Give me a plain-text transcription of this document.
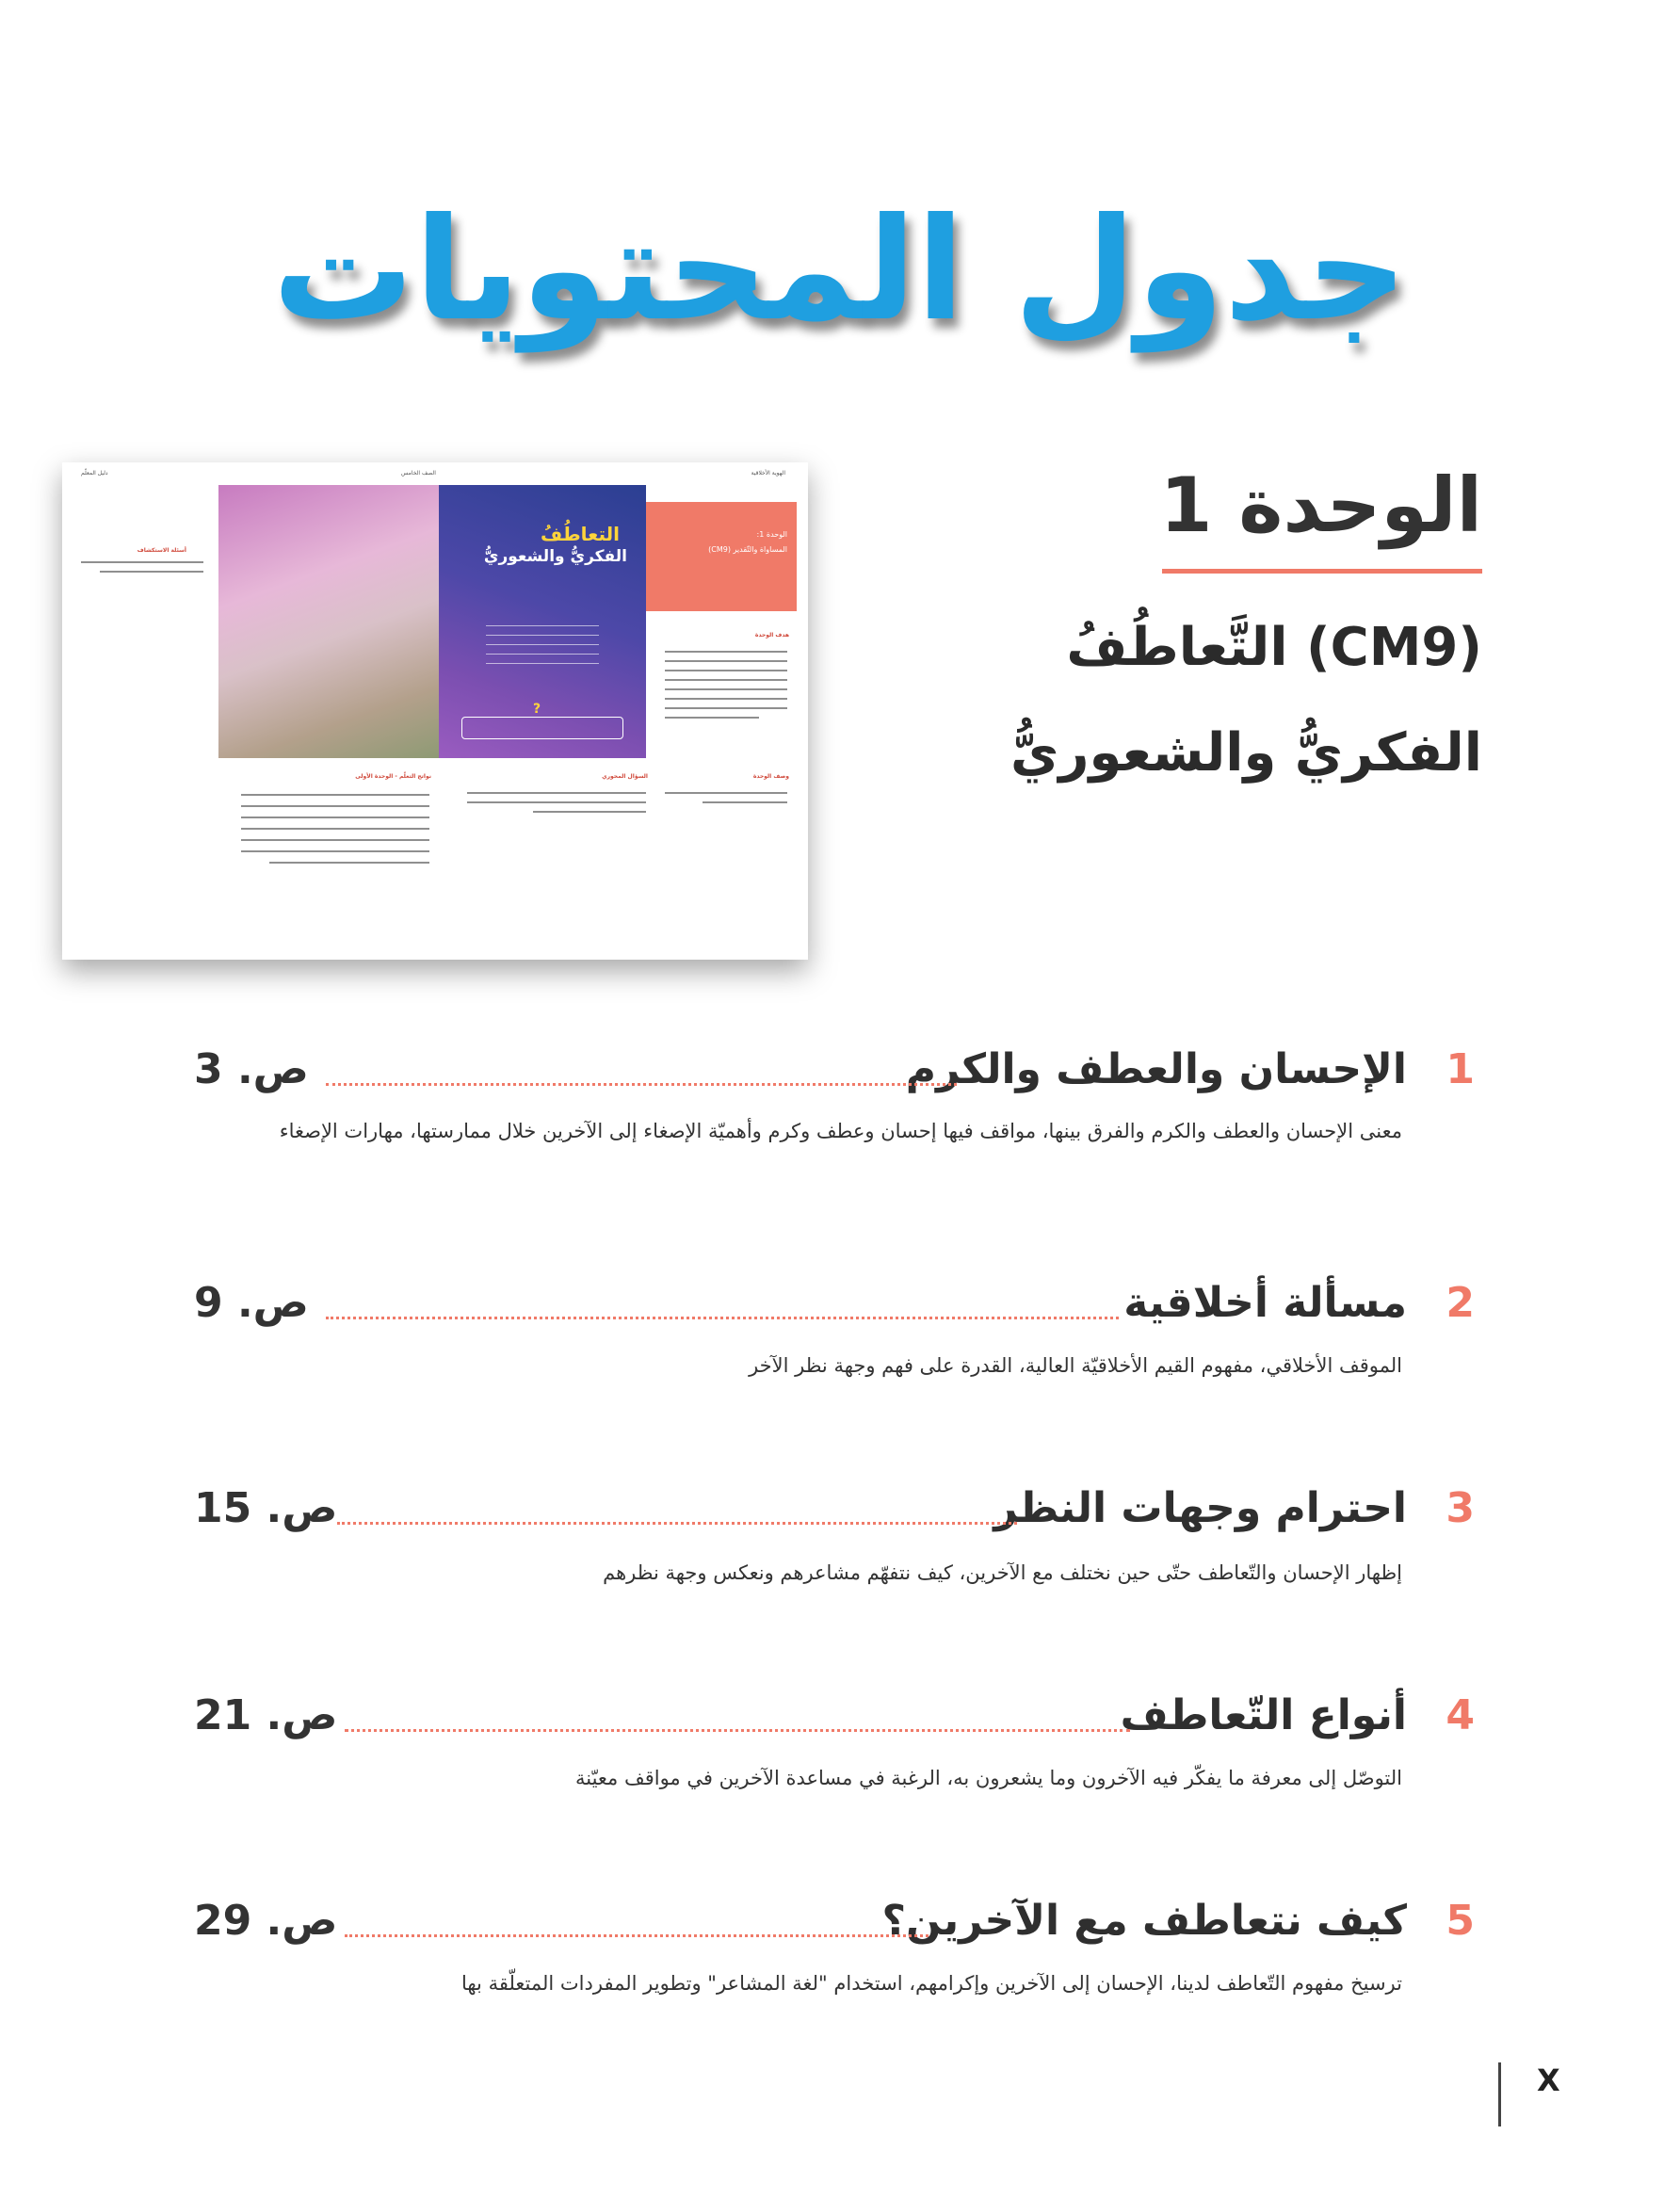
جدول المحتويات
الهوية الأخلاقية
الصف الخامس
دليل المعلّم
التعاطُفُ
الفكريُّ والشعوريُّ
?
الوحدة 1:
المساواة والتّقدير (CM9)
هدف الوحدة
وصف الوحدة
السؤال المحوري
نواتج التعلّم - الوحدة الأولى
أسئلة الاستكشاف
الوحدة 1
(CM9) التَّعاطُفُ الفكريُّ والشعوريُّ
1
الإحسان والعطف والكرم
ص. 3
معنى الإحسان والعطف والكرم والفرق بينها، مواقف فيها إحسان وعطف وكرم وأهميّة الإصغاء إلى الآخرين خلال ممارستها، مهارات الإصغاء
2
مسألة أخلاقية
ص. 9
الموقف الأخلاقي، مفهوم القيم الأخلاقيّة العالية، القدرة على فهم وجهة نظر الآخر
3
احترام وجهات النظر
ص. 15
إظهار الإحسان والتّعاطف حتّى حين نختلف مع الآخرين، كيف نتفهّم مشاعرهم ونعكس وجهة نظرهم
4
أنواع التّعاطف
ص. 21
التوصّل إلى معرفة ما يفكّر فيه الآخرون وما يشعرون به، الرغبة في مساعدة الآخرين في مواقف معيّنة
5
كيف نتعاطف مع الآخرين؟
ص. 29
ترسيخ مفهوم التّعاطف لدينا، الإحسان إلى الآخرين وإكرامهم، استخدام "لغة المشاعر" وتطوير المفردات المتعلّقة بها
X
